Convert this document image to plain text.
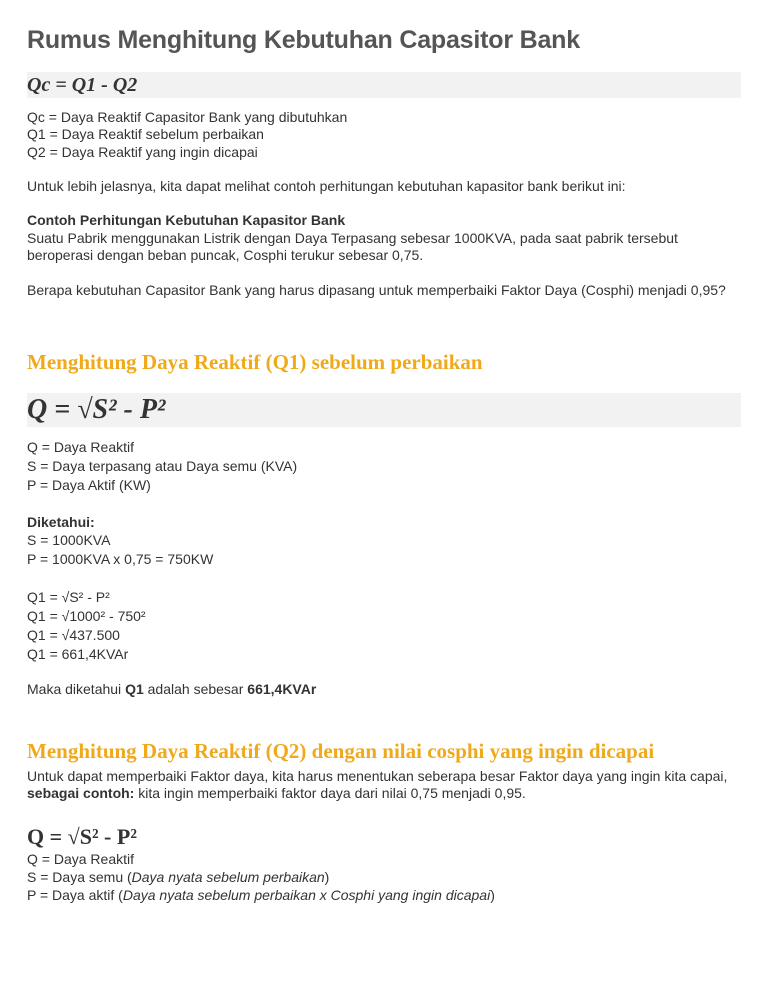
Rumus Menghitung Kebutuhan Capasitor Bank
Qc = Q1 - Q2
Qc = Daya Reaktif Capasitor Bank yang dibutuhkan
Q1 = Daya Reaktif sebelum perbaikan
Q2 = Daya Reaktif yang ingin dicapai
Untuk lebih jelasnya, kita dapat melihat contoh perhitungan kebutuhan kapasitor bank berikut ini:
Contoh Perhitungan Kebutuhan Kapasitor Bank
Suatu Pabrik menggunakan Listrik dengan Daya Terpasang sebesar 1000KVA, pada saat pabrik tersebut beroperasi dengan beban puncak, Cosphi terukur sebesar 0,75.
Berapa kebutuhan Capasitor Bank yang harus dipasang untuk memperbaiki Faktor Daya (Cosphi) menjadi 0,95?
Menghitung Daya Reaktif (Q1) sebelum perbaikan
Q = √S² - P²
Q = Daya Reaktif
S = Daya terpasang atau Daya semu (KVA)
P = Daya Aktif (KW)
Diketahui:
S = 1000KVA
P = 1000KVA x 0,75 = 750KW
Q1 = √S² - P²
Q1 = √1000² - 750²
Q1 = √437.500
Q1 = 661,4KVAr
Maka diketahui Q1 adalah sebesar 661,4KVAr
Menghitung Daya Reaktif (Q2) dengan nilai cosphi yang ingin dicapai
Untuk dapat memperbaiki Faktor daya, kita harus menentukan seberapa besar Faktor daya yang ingin kita capai, sebagai contoh: kita ingin memperbaiki faktor daya dari nilai 0,75 menjadi 0,95.
Q = √S² - P²
Q = Daya Reaktif
S = Daya semu (Daya nyata sebelum perbaikan)
P = Daya aktif (Daya nyata sebelum perbaikan x Cosphi yang ingin dicapai)
